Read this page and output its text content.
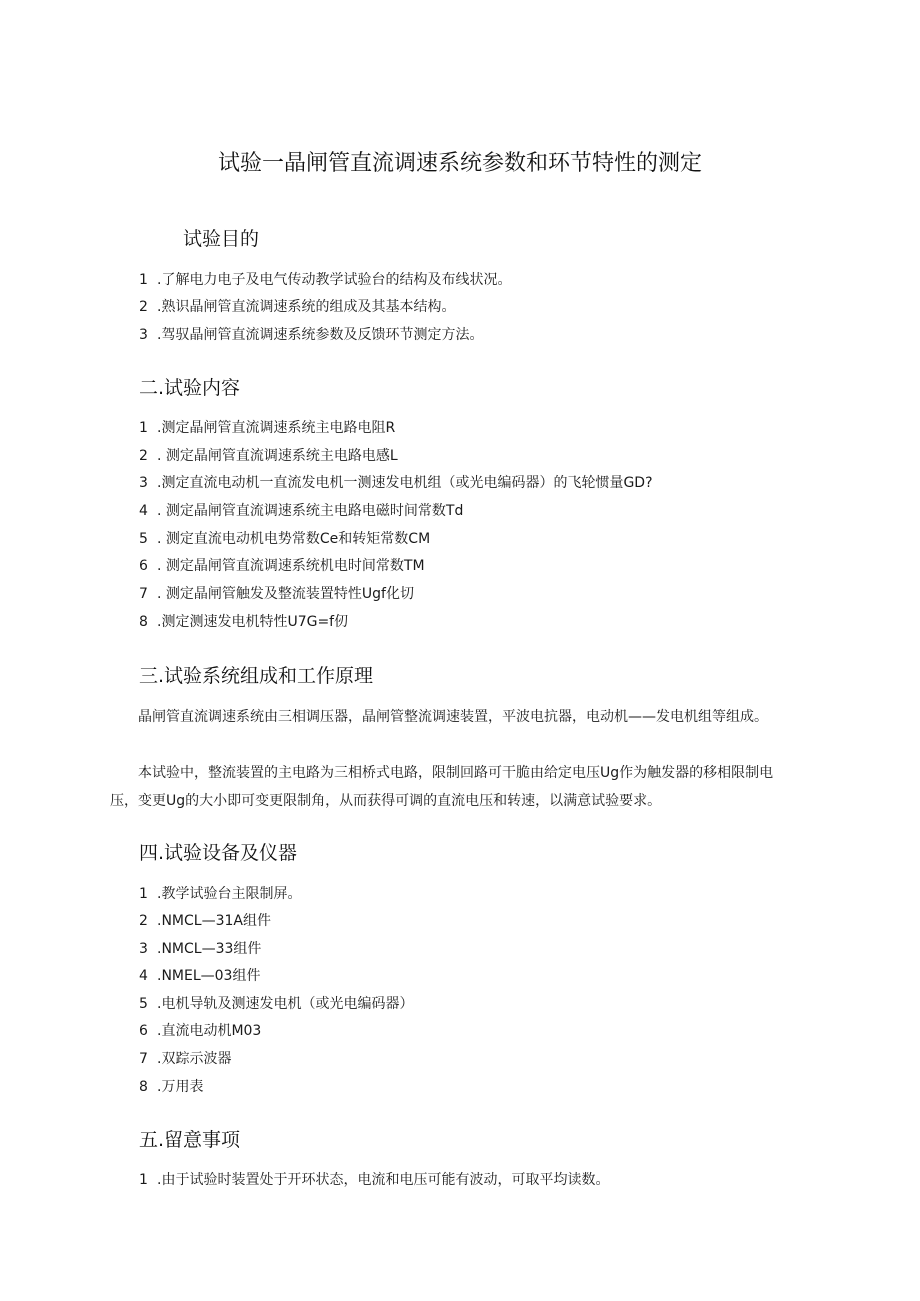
试验一晶闸管直流调速系统参数和环节特性的测定
试验目的
1 .了解电力电子及电气传动教学试验台的结构及布线状况。
2 .熟识晶闸管直流调速系统的组成及其基本结构。
3 .驾驭晶闸管直流调速系统参数及反馈环节测定方法。
二.试验内容
1 .测定晶闸管直流调速系统主电路电阻R
2 . 测定晶闸管直流调速系统主电路电感L
3 .测定直流电动机一直流发电机一测速发电机组（或光电编码器）的飞轮惯量GD?
4 . 测定晶闸管直流调速系统主电路电磁时间常数Td
5 . 测定直流电动机电势常数Ce和转矩常数CM
6 . 测定晶闸管直流调速系统机电时间常数TM
7 . 测定晶闸管触发及整流装置特性Ugf化切
8 .测定测速发电机特性U7G=f仞
三.试验系统组成和工作原理
晶闸管直流调速系统由三相调压器，晶闸管整流调速装置，平波电抗器，电动机——发电机组等组成。
本试验中，整流装置的主电路为三相桥式电路，限制回路可干脆由给定电压Ug作为触发器的移相限制电压，变更Ug的大小即可变更限制角，从而获得可调的直流电压和转速，以满意试验要求。
四.试验设备及仪器
1 .教学试验台主限制屏。
2 .NMCL—31A组件
3 .NMCL—33组件
4 .NMEL—03组件
5 .电机导轨及测速发电机（或光电编码器）
6 .直流电动机M03
7 .双踪示波器
8 .万用表
五.留意事项
1 .由于试验时装置处于开环状态，电流和电压可能有波动，可取平均读数。
